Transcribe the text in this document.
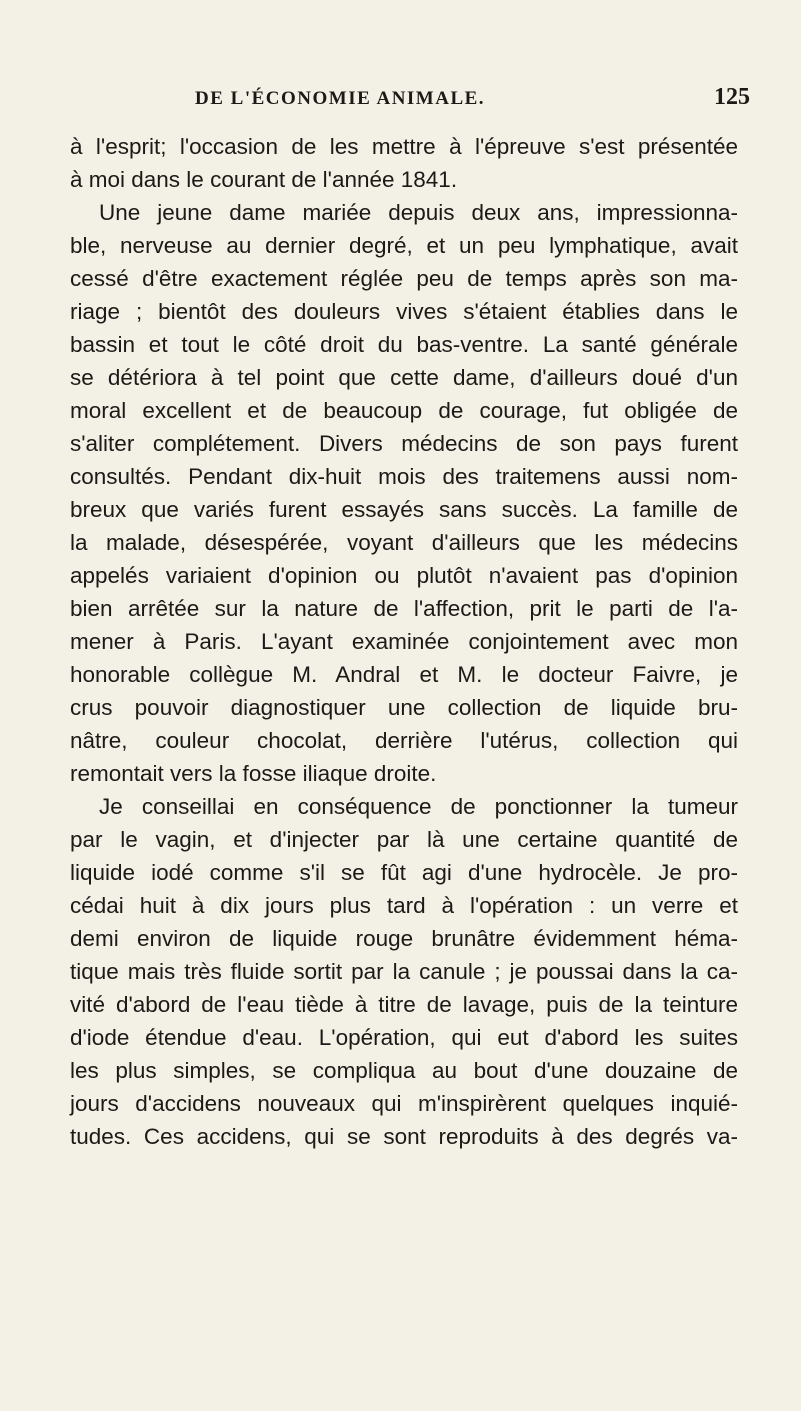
DE L'ÉCONOMIE ANIMALE.	125
à l'esprit; l'occasion de les mettre à l'épreuve s'est présentée
à moi dans le courant de l'année 1841.
Une jeune dame mariée depuis deux ans, impressionna-
ble, nerveuse au dernier degré, et un peu lymphatique, avait
cessé d'être exactement réglée peu de temps après son ma-
riage ; bientôt des douleurs vives s'étaient établies dans le
bassin et tout le côté droit du bas-ventre. La santé générale
se détériora à tel point que cette dame, d'ailleurs doué d'un
moral excellent et de beaucoup de courage, fut obligée de
s'aliter complétement. Divers médecins de son pays furent
consultés. Pendant dix-huit mois des traitemens aussi nom-
breux que variés furent essayés sans succès. La famille de
la malade, désespérée, voyant d'ailleurs que les médecins
appelés variaient d'opinion ou plutôt n'avaient pas d'opinion
bien arrêtée sur la nature de l'affection, prit le parti de l'a-
mener à Paris. L'ayant examinée conjointement avec mon
honorable collègue M. Andral et M. le docteur Faivre, je
crus pouvoir diagnostiquer une collection de liquide bru-
nâtre, couleur chocolat, derrière l'utérus, collection qui
remontait vers la fosse iliaque droite.
Je conseillai en conséquence de ponctionner la tumeur
par le vagin, et d'injecter par là une certaine quantité de
liquide iodé comme s'il se fût agi d'une hydrocèle. Je pro-
cédai huit à dix jours plus tard à l'opération : un verre et
demi environ de liquide rouge brunâtre évidemment héma-
tique mais très fluide sortit par la canule ; je poussai dans la ca-
vité d'abord de l'eau tiède à titre de lavage, puis de la teinture
d'iode étendue d'eau. L'opération, qui eut d'abord les suites
les plus simples, se compliqua au bout d'une douzaine de
jours d'accidens nouveaux qui m'inspirèrent quelques inquié-
tudes. Ces accidens, qui se sont reproduits à des degrés va-
